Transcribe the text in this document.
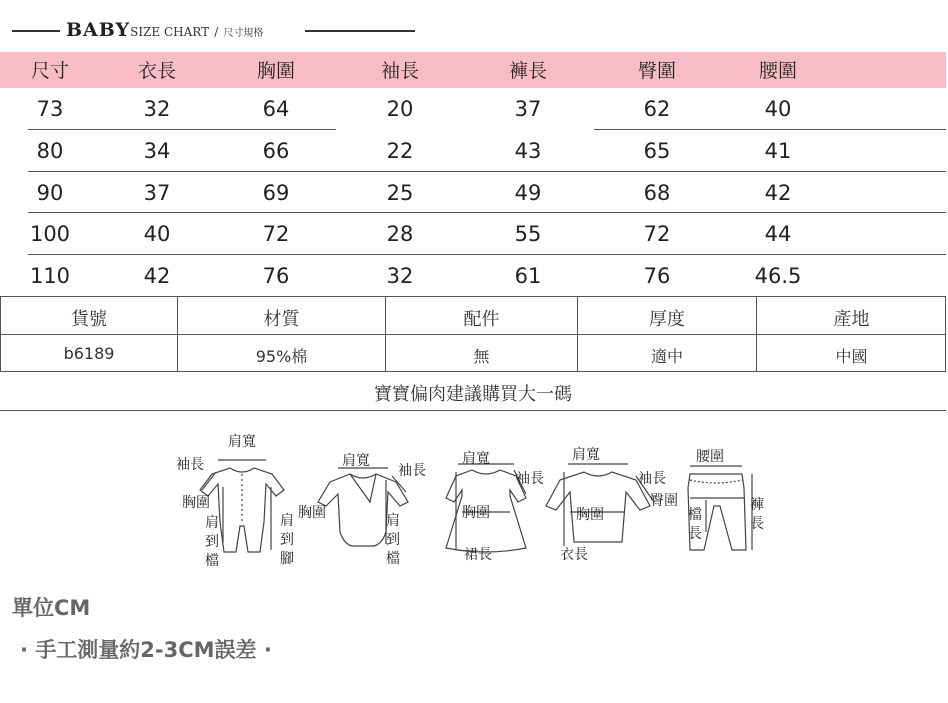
BABYSIZE CHART / 尺寸規格
尺寸	衣長	胸圍	袖長	褲長	臀圍	腰圍
73	32	64	20	37	62	40
80	34	66	22	43	65	41
90	37	69	25	49	68	42
100	40	72	28	55	72	44
110	42	76	32	61	76	46.5
貨號	材質	配件	厚度	產地
b6189	95%棉	無	適中	中國
寶寶偏肉建議購買大一碼
肩寬
袖長
胸圍
肩到檔
肩到腳
肩寬
袖長
胸圍	肩到檔
肩寬
袖長
胸圍
裙長
肩寬
袖長
胸圍
衣長
腰圍
臀圍
檔長
褲長
單位CM
· 手工測量約2-3CM誤差 ·
